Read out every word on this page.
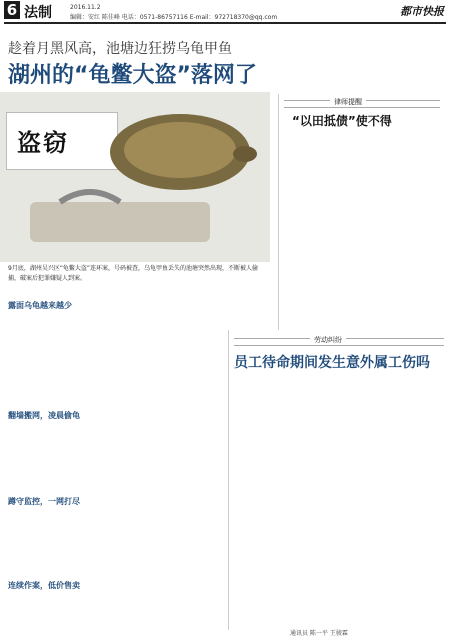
6 法制	2016.11.2
编辑：安红 陈佳峰 电话：0571-86757116 E-mail：972718370@qq.com	都市快报
趁着月黑风高，池塘边狂捞乌龟甲鱼
湖州的“龟鳖大盗”落网了
盗窃
9月底，湖州吴兴区“龟鳖大盗”连环案，号码被查，乌龟甲鱼丢失的池塘突然出现，不断被人偷捕，破案后犯罪嫌疑人到案。
露面乌龟越来越少
翻墙搬网，凌晨偷龟
蹲守监控，一网打尽
连续作案，低价售卖
律师提醒
“以田抵债”使不得
劳动纠纷
员工待命期间发生意外属工伤吗
通讯员 陈一平 王骏霖
